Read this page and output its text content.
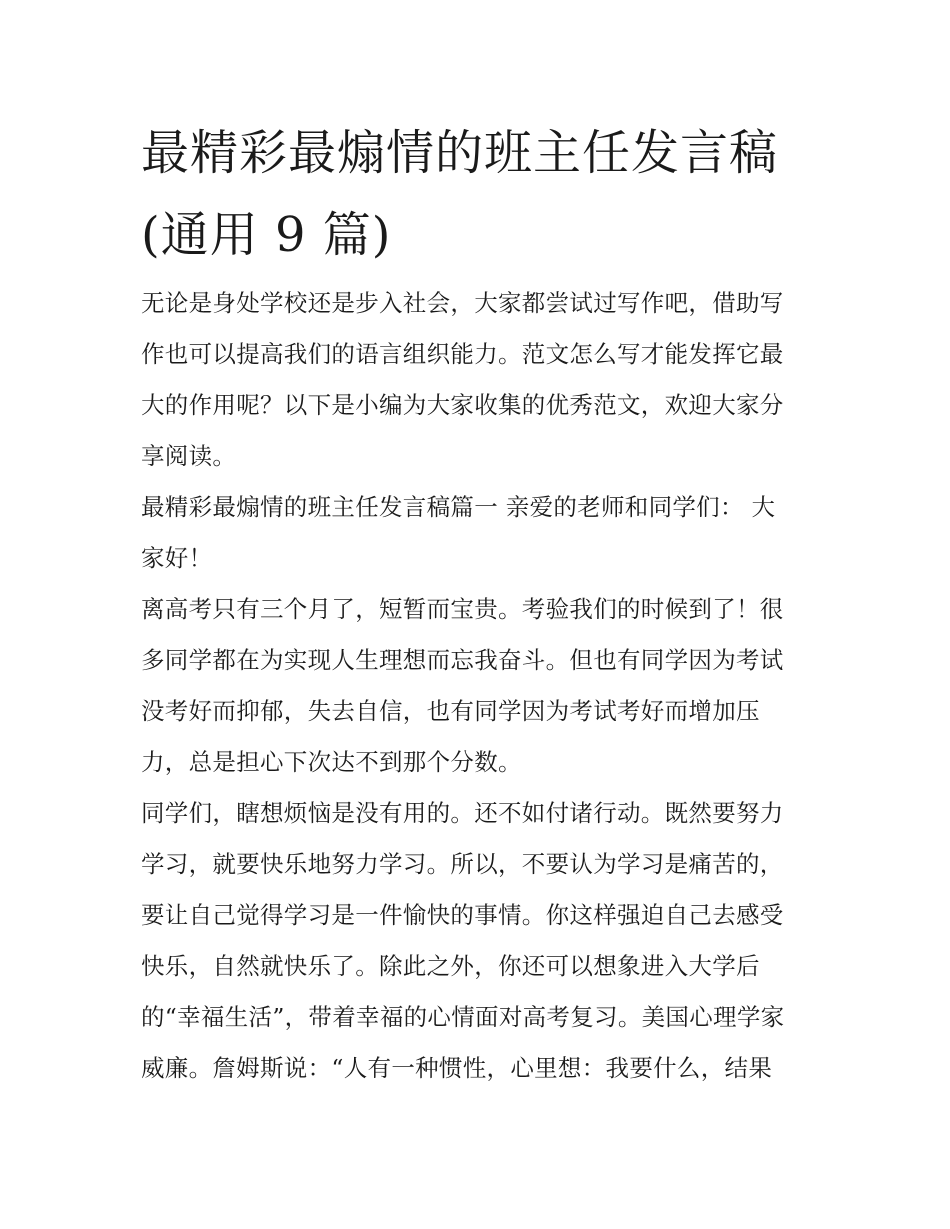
最精彩最煽情的班主任发言稿
(通用 9 篇)
无论是身处学校还是步入社会，大家都尝试过写作吧，借助写
作也可以提高我们的语言组织能力。范文怎么写才能发挥它最
大的作用呢？以下是小编为大家收集的优秀范文，欢迎大家分
享阅读。
最精彩最煽情的班主任发言稿篇一 亲爱的老师和同学们： 大
家好！
离高考只有三个月了，短暂而宝贵。考验我们的时候到了！很
多同学都在为实现人生理想而忘我奋斗。但也有同学因为考试
没考好而抑郁，失去自信，也有同学因为考试考好而增加压
力，总是担心下次达不到那个分数。
同学们，瞎想烦恼是没有用的。还不如付诸行动。既然要努力
学习，就要快乐地努力学习。所以，不要认为学习是痛苦的，
要让自己觉得学习是一件愉快的事情。你这样强迫自己去感受
快乐，自然就快乐了。除此之外，你还可以想象进入大学后
的“幸福生活”，带着幸福的心情面对高考复习。美国心理学家
威廉。詹姆斯说：“人有一种惯性，心里想：我要什么，结果
